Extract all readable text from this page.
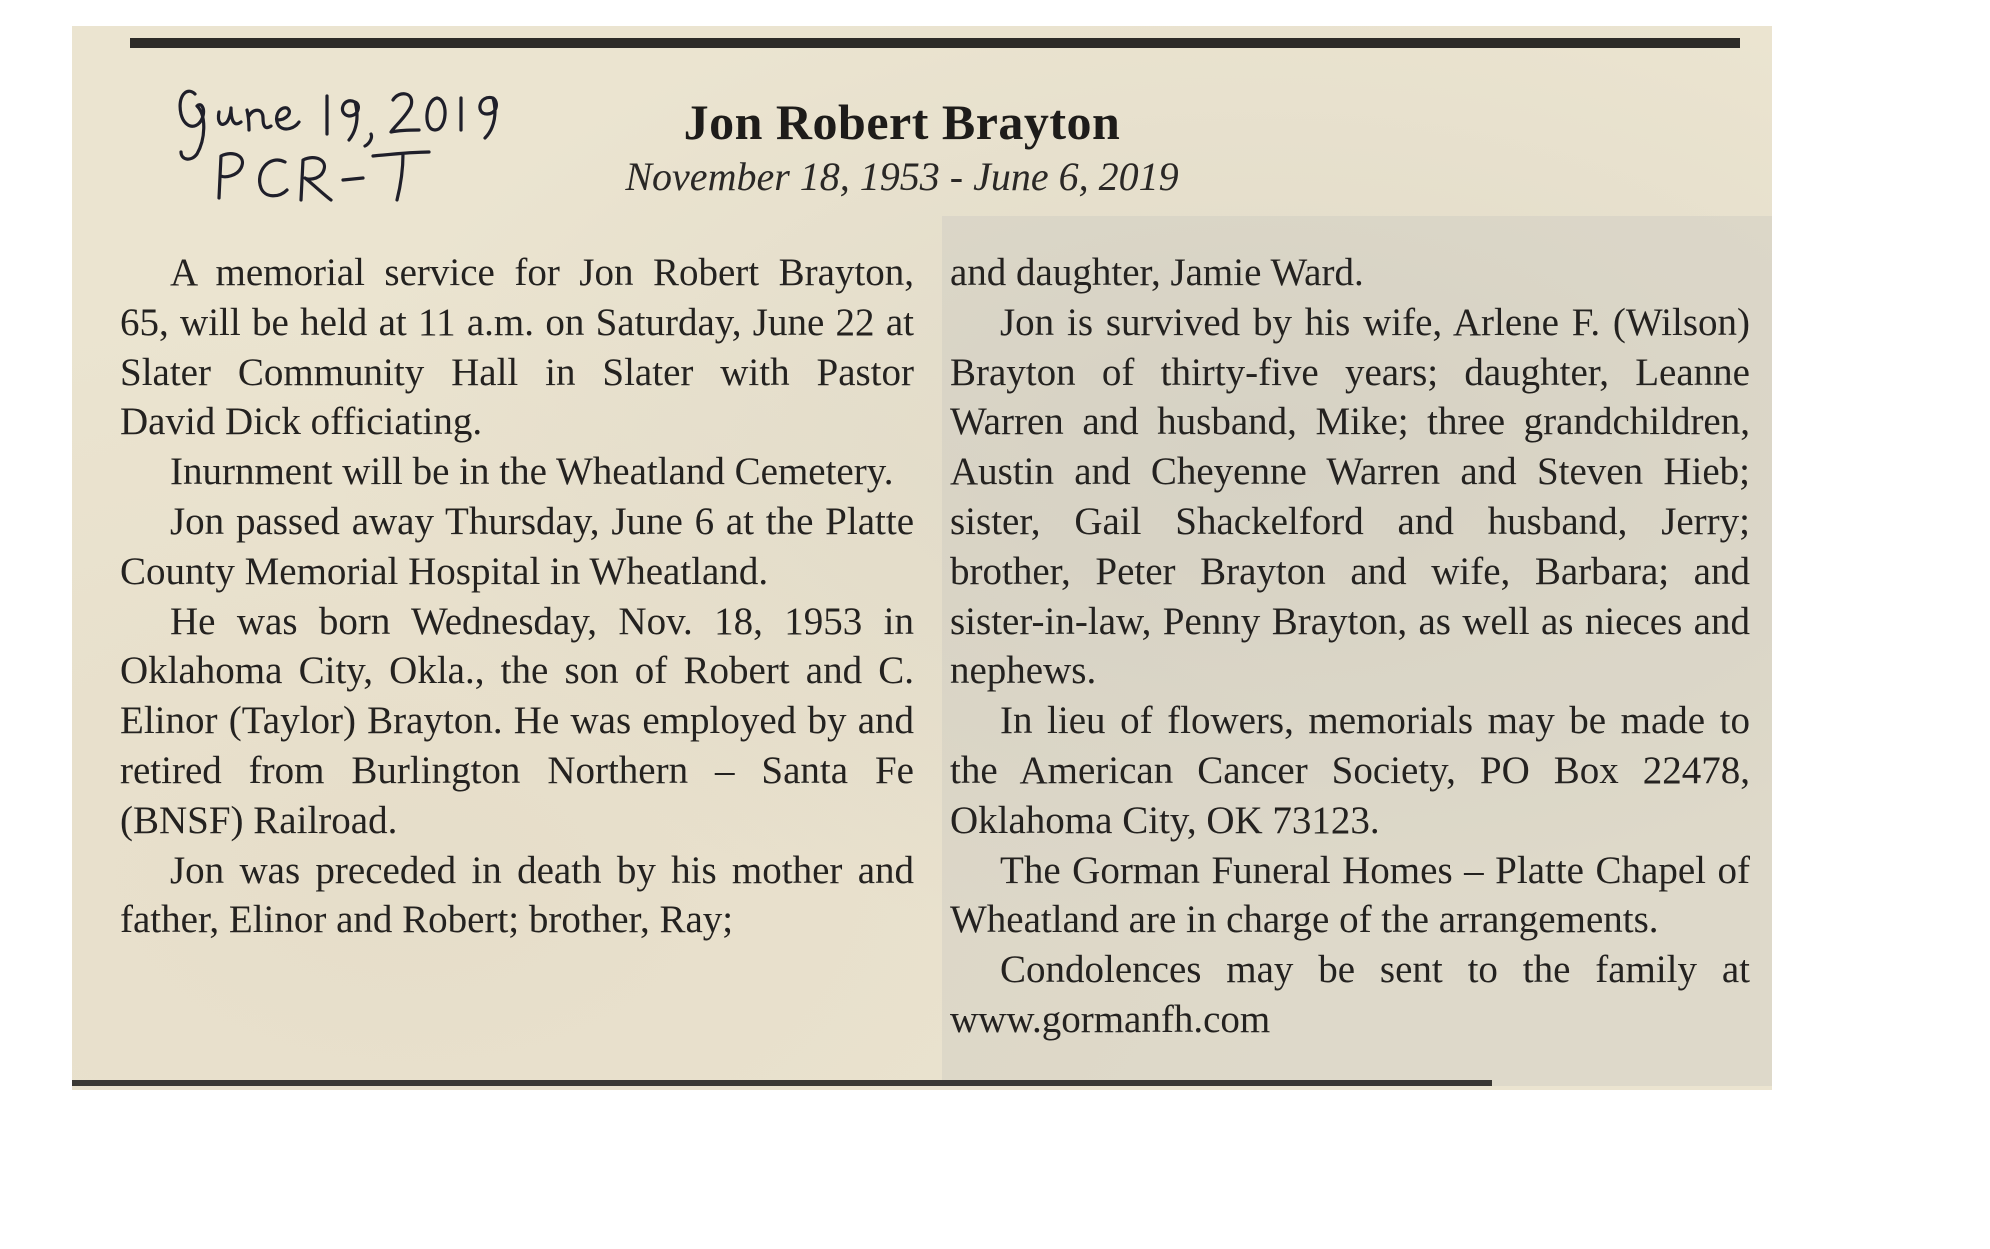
Jon Robert Brayton
November 18, 1953 - June 6, 2019

A memorial service for Jon Robert Brayton, 65, will be held at 11 a.m. on Saturday, June 22 at Slater Community Hall in Slater with Pastor David Dick officiating.

Inurnment will be in the Wheatland Cemetery.

Jon passed away Thursday, June 6 at the Platte County Memorial Hospital in Wheatland.

He was born Wednesday, Nov. 18, 1953 in Oklahoma City, Okla., the son of Robert and C. Elinor (Taylor) Brayton. He was employed by and retired from Burlington Northern – Santa Fe (BNSF) Railroad.

Jon was preceded in death by his mother and father, Elinor and Robert; brother, Ray;

and daughter, Jamie Ward.

Jon is survived by his wife, Arlene F. (Wilson) Brayton of thirty-five years; daughter, Leanne Warren and husband, Mike; three grandchildren, Austin and Cheyenne Warren and Steven Hieb; sister, Gail Shackelford and husband, Jerry; brother, Peter Brayton and wife, Barbara; and sister-in-law, Penny Brayton, as well as nieces and nephews.

In lieu of flowers, memorials may be made to the American Cancer Society, PO Box 22478, Oklahoma City, OK 73123.

The Gorman Funeral Homes – Platte Chapel of Wheatland are in charge of the arrangements.

Condolences may be sent to the family at www.gormanfh.com
